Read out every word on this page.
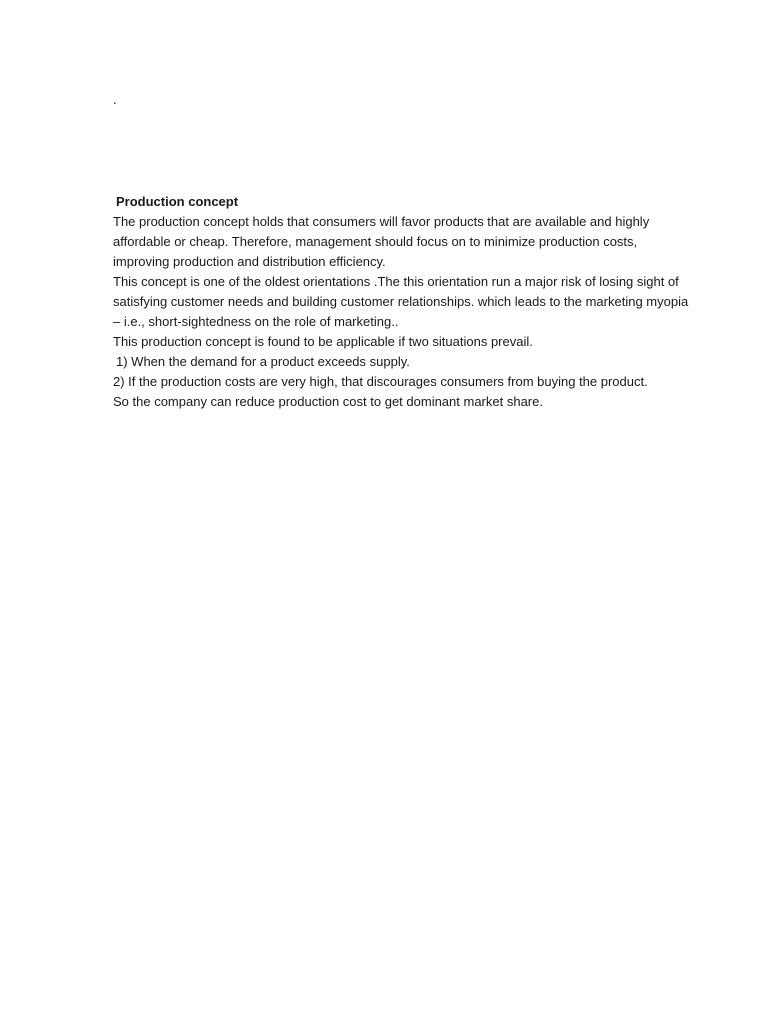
.

Production concept

The production concept holds that consumers will favor products that are available and highly affordable or cheap. Therefore, management should focus on to minimize production costs, improving production and distribution efficiency.

This concept is one of the oldest orientations .The this orientation run a major risk of losing sight of satisfying customer needs and building customer relationships. which leads to the marketing myopia – i.e., short-sightedness on the role of marketing..

This production concept is found to be applicable if two situations prevail.

1) When the demand for a product exceeds supply.

2) If the production costs are very high, that discourages consumers from buying the product.

So the company can reduce production cost to get dominant market share.
